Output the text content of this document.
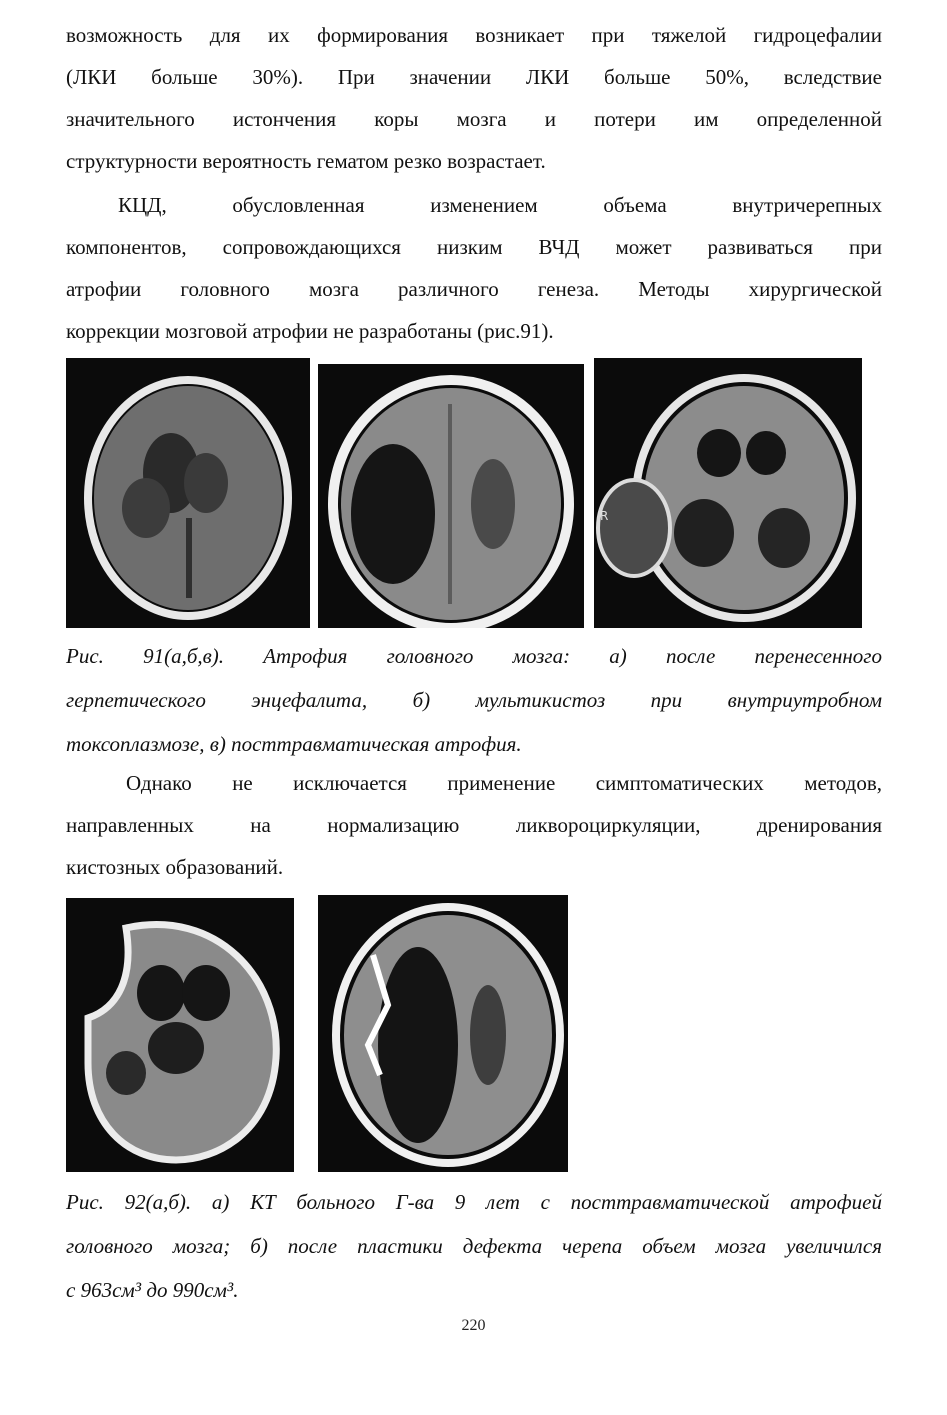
возможность для их формирования возникает при тяжелой гидроцефалии
(ЛКИ больше 30%). При значении ЛКИ больше 50%, вследствие
значительного истончения коры мозга и потери им определенной
структурности вероятность гематом резко возрастает.
КЦД, обусловленная изменением объема внутричерепных
компонентов, сопровождающихся низким ВЧД может развиваться при
атрофии головного мозга различного генеза. Методы хирургической
коррекции мозговой атрофии не разработаны (рис.91).
R
Рис. 91(а,б,в). Атрофия головного мозга: а) после перенесенного
герпетического энцефалита, б) мультикистоз при внутриутробном
токсоплазмозе, в) посттравматическая атрофия.
Однако не исключается применение симптоматических методов,
направленных на нормализацию ликвороциркуляции, дренирования
кистозных образований.
Рис. 92(а,б). а) КТ больного Г-ва 9 лет с посттравматической атрофией
головного мозга; б) после пластики дефекта черепа объем мозга увеличился
с 963см³ до 990см³.
220
